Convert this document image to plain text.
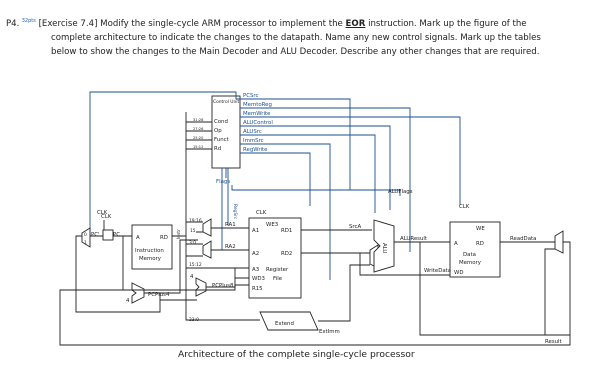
P4. $^{32pts}$ [Exercise 7.4] Modify the single-cycle ARM processor to implement the EOR instruction. Mark up the figure of the
complete architecture to indicate the changes to the datapath. Name any new control signals. Mark up the tables
below to show the changes to the Main Decoder and ALU Decoder. Describe any other changes that are required.
Control Unit
Cond
Op
Funct
Rd
31:28
27:26
25:20
15:12
PCSrc
MemtoReg
MemWrite
ALUControl
ALUSrc
ImmSrc
RegWrite
Flags
ALUFlags
RegSrc
CLK
0
1
PC'	PC	A	RD
Instruction
Memory
Instr
PCPlus4
4
PCPlus8
4
19:16
15
3:0
15:12
23:0
RA1
RA2
CLK
WE3
A1	RD1
A2	RD2
A3 Register
WD3 File
R15
Extend
ExtImm
SrcA
ALU
ALUResult
CLK
WE
A	RD
Data
Memory
WD
WriteData
ReadData
Result
CLK
Architecture of the complete single-cycle processor
